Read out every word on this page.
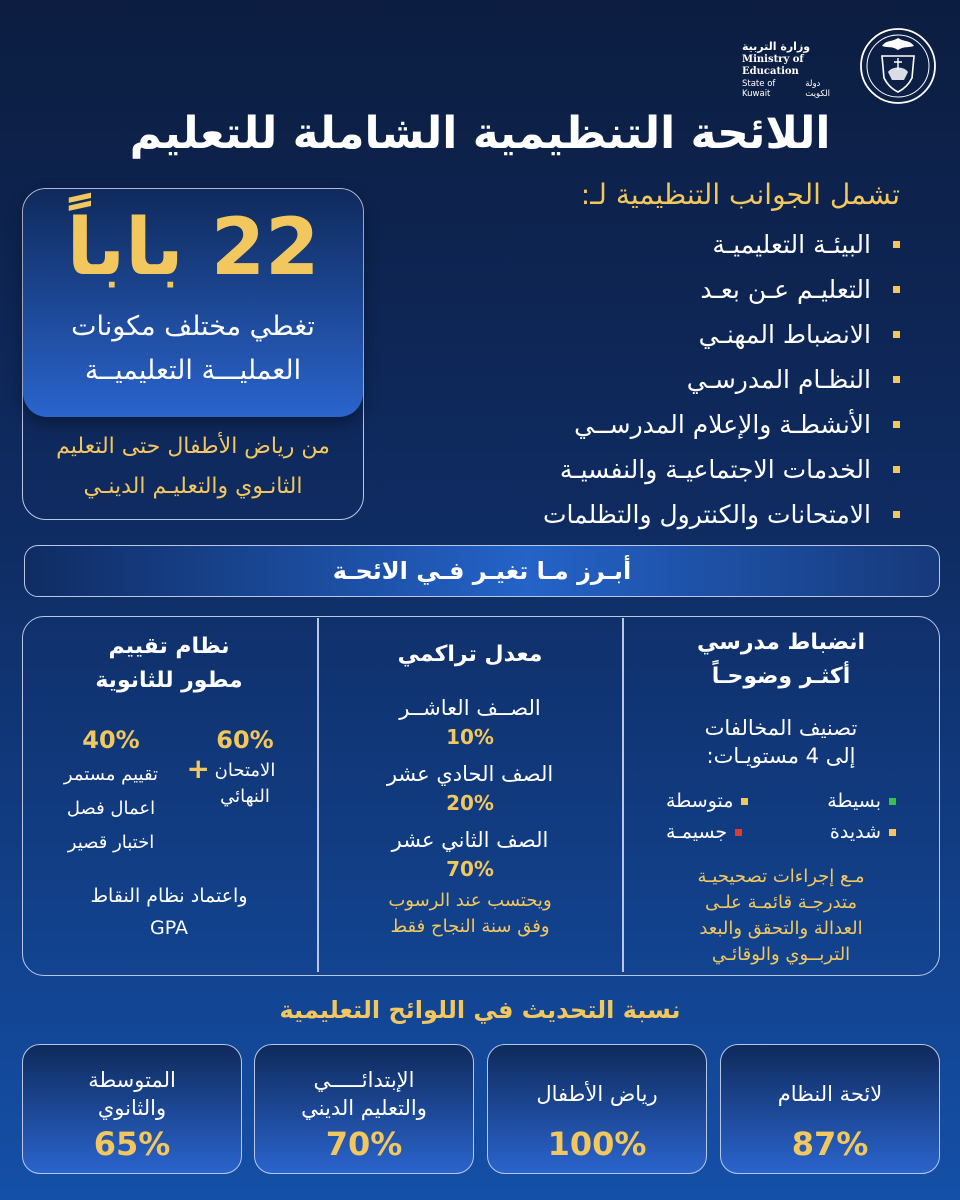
وزارة التربية
Ministry of Education
State of Kuwait
دولة الكويت
اللائحة التنظيمية الشاملة للتعليم
22 باباً
تغطي مختلف مكونات
العمليـــة التعليميــة
من رياض الأطفال حتى التعليم
الثانـوي والتعليـم الدينـي
تشمل الجوانب التنظيمية لـ:
البيئـة التعليميـة
التعليـم عـن بعـد
الانضباط المهنـي
النظـام المدرسـي
الأنشطـة والإعلام المدرســي
الخدمات الاجتماعيـة والنفسيـة
الامتحانات والكنترول والتظلمات
أبـرز مـا تغيـر فـي الائحـة
انضباط مدرسي
أكثـر وضوحـاً
تصنيف المخالفات
إلى 4 مستويـات:
بسيطة
متوسطة
شديدة
جسيمـة
مـع إجراءات تصحيحيـة
متدرجـة قائمـة علـى
العدالة والتحقق والبعد
التربــوي والوقائـي
معدل تراكمي
الصــف العاشــر
10%
الصف الحادي عشر
20%
الصف الثاني عشر
70%
ويحتسب عند الرسوب
وفق سنة النجاح فقط
نظام تقييم
مطور للثانوية
60%
الامتحان
النهائي
+
40%
تقييم مستمر
اعمال فصل
اختبار قصير
واعتماد نظام النقاط
GPA
نسبة التحديث في اللوائح التعليمية
لائحة النظام
87%
رياض الأطفال
100%
الإبتدائـــــي
والتعليم الديني
70%
المتوسطة
والثانوي
65%
